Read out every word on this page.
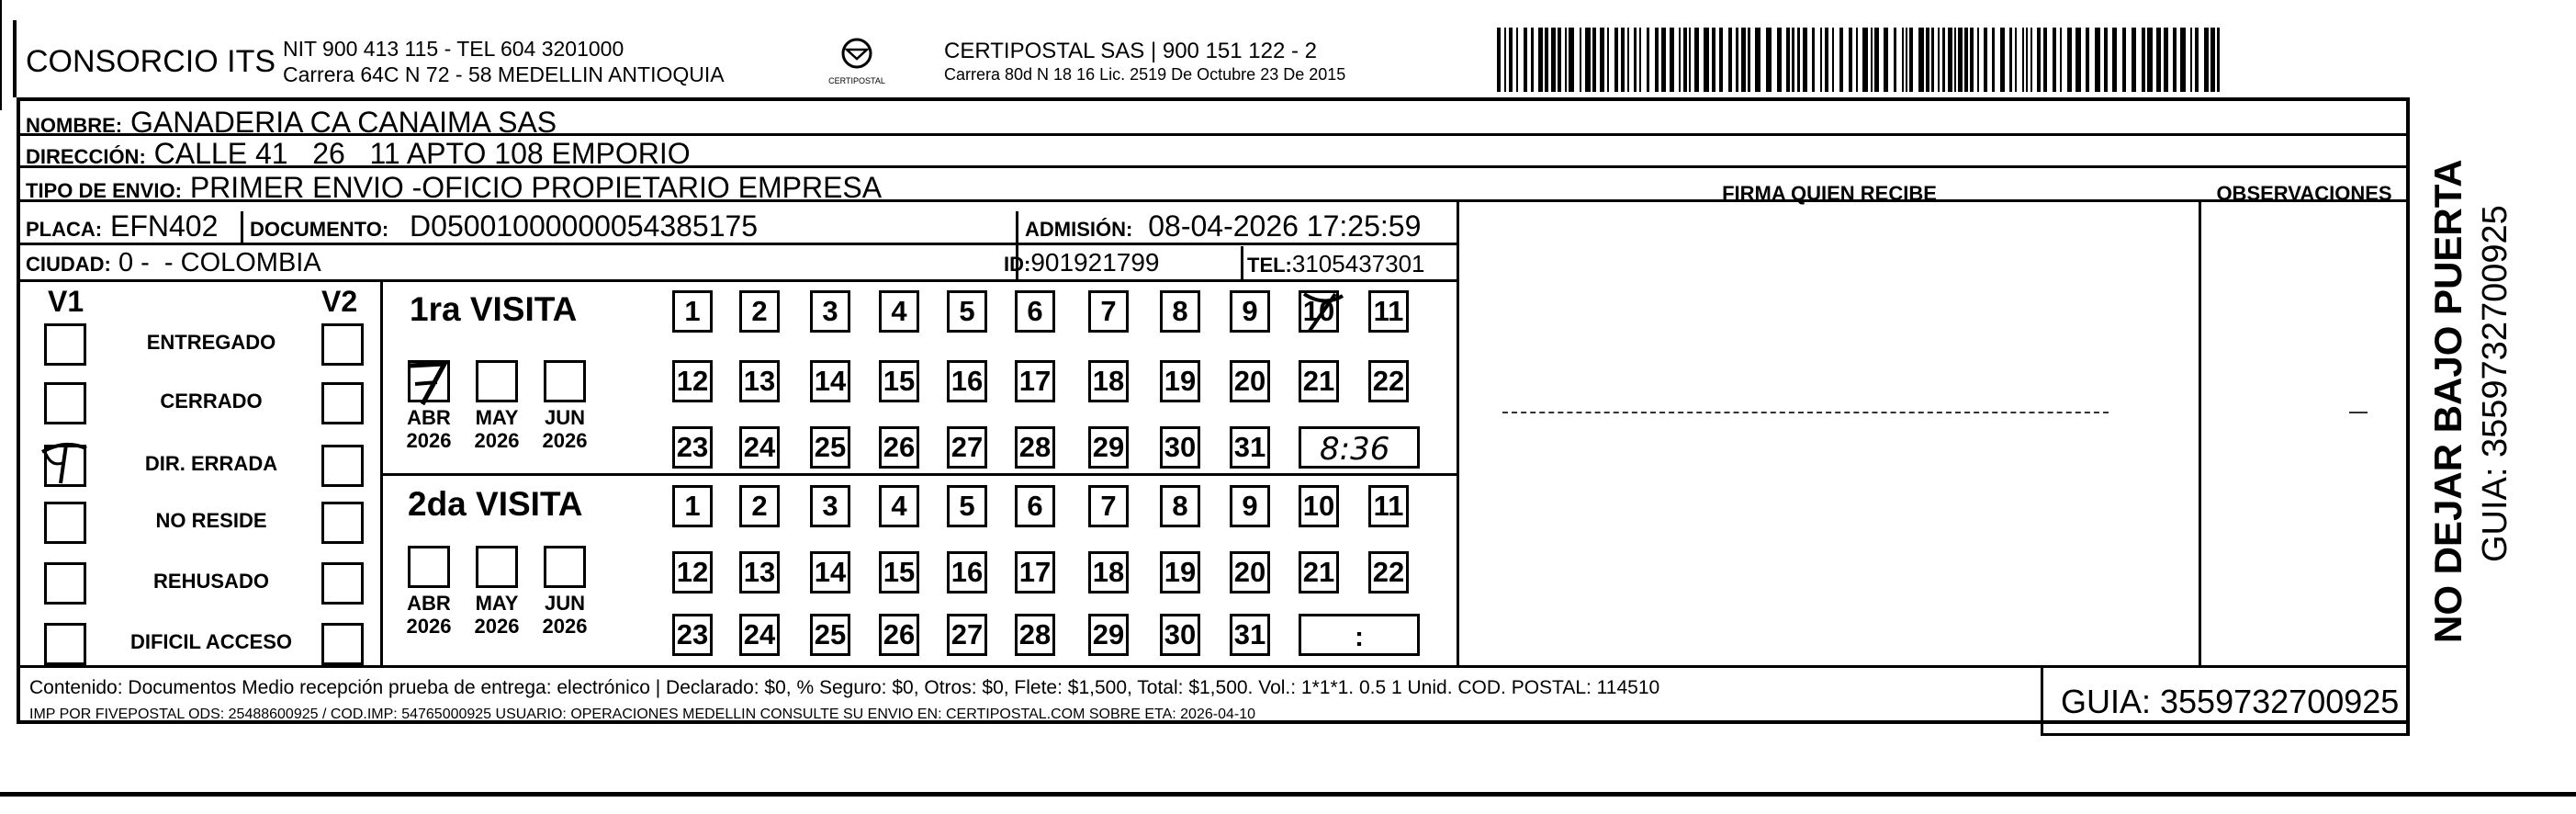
CONSORCIO ITS NIT 900 413 115 - TEL 604 3201000
Carrera 64C N 72 - 58 MEDELLIN ANTIOQUIA	CERTIPOSTAL
CERTIPOSTAL SAS | 900 151 122 - 2
Carrera 80d N 18 16 Lic. 2519 De Octubre 23 De 2015
NOMBRE: GANADERIA CA CANAIMA SAS
DIRECCIÓN: CALLE 41   26   11 APTO 108 EMPORIO
TIPO DE ENVIO: PRIMER ENVIO -OFICIO PROPIETARIO EMPRESA
PLACA: EFN402 DOCUMENTO: D05001000000054385175	ADMISIÓN: 08-04-2026 17:25:59
CIUDAD: 0 -  - COLOMBIA	ID:901921799	TEL:3105437301
FIRMA QUIEN RECIBE	OBSERVACIONES
V1	V2
ENTREGADO
CERRADO
DIR. ERRADA
NO RESIDE
REHUSADO
DIFICIL ACCESO
1ra VISITA
ABR
2026
MAY
2026
JUN
2026
1	2	3	4	5	6	7	8	9	10 11
12 13 14 15 16 17 18 19 20 21 22
23 24 25 26 27 28 29 30 31 8:36
2da VISITA
ABR
2026
MAY
2026
JUN
2026
1	2	3	4	5	6	7	8	9	10 11
12 13 14 15 16 17 18 19 20 21 22
23 24 25 26 27 28 29 30 31	:
Contenido: Documentos Medio recepción prueba de entrega: electrónico | Declarado: $0, % Seguro: $0, Otros: $0, Flete: $1,500, Total: $1,500. Vol.: 1*1*1. 0.5 1 Unid. COD. POSTAL: 114510
IMP POR FIVEPOSTAL ODS: 25488600925 / COD.IMP: 54765000925 USUARIO: OPERACIONES MEDELLIN CONSULTE SU ENVIO EN: CERTIPOSTAL.COM SOBRE ETA: 2026-04-10	GUIA: 3559732700925
NO DEJAR BAJO PUERTA GUIA: 3559732700925
